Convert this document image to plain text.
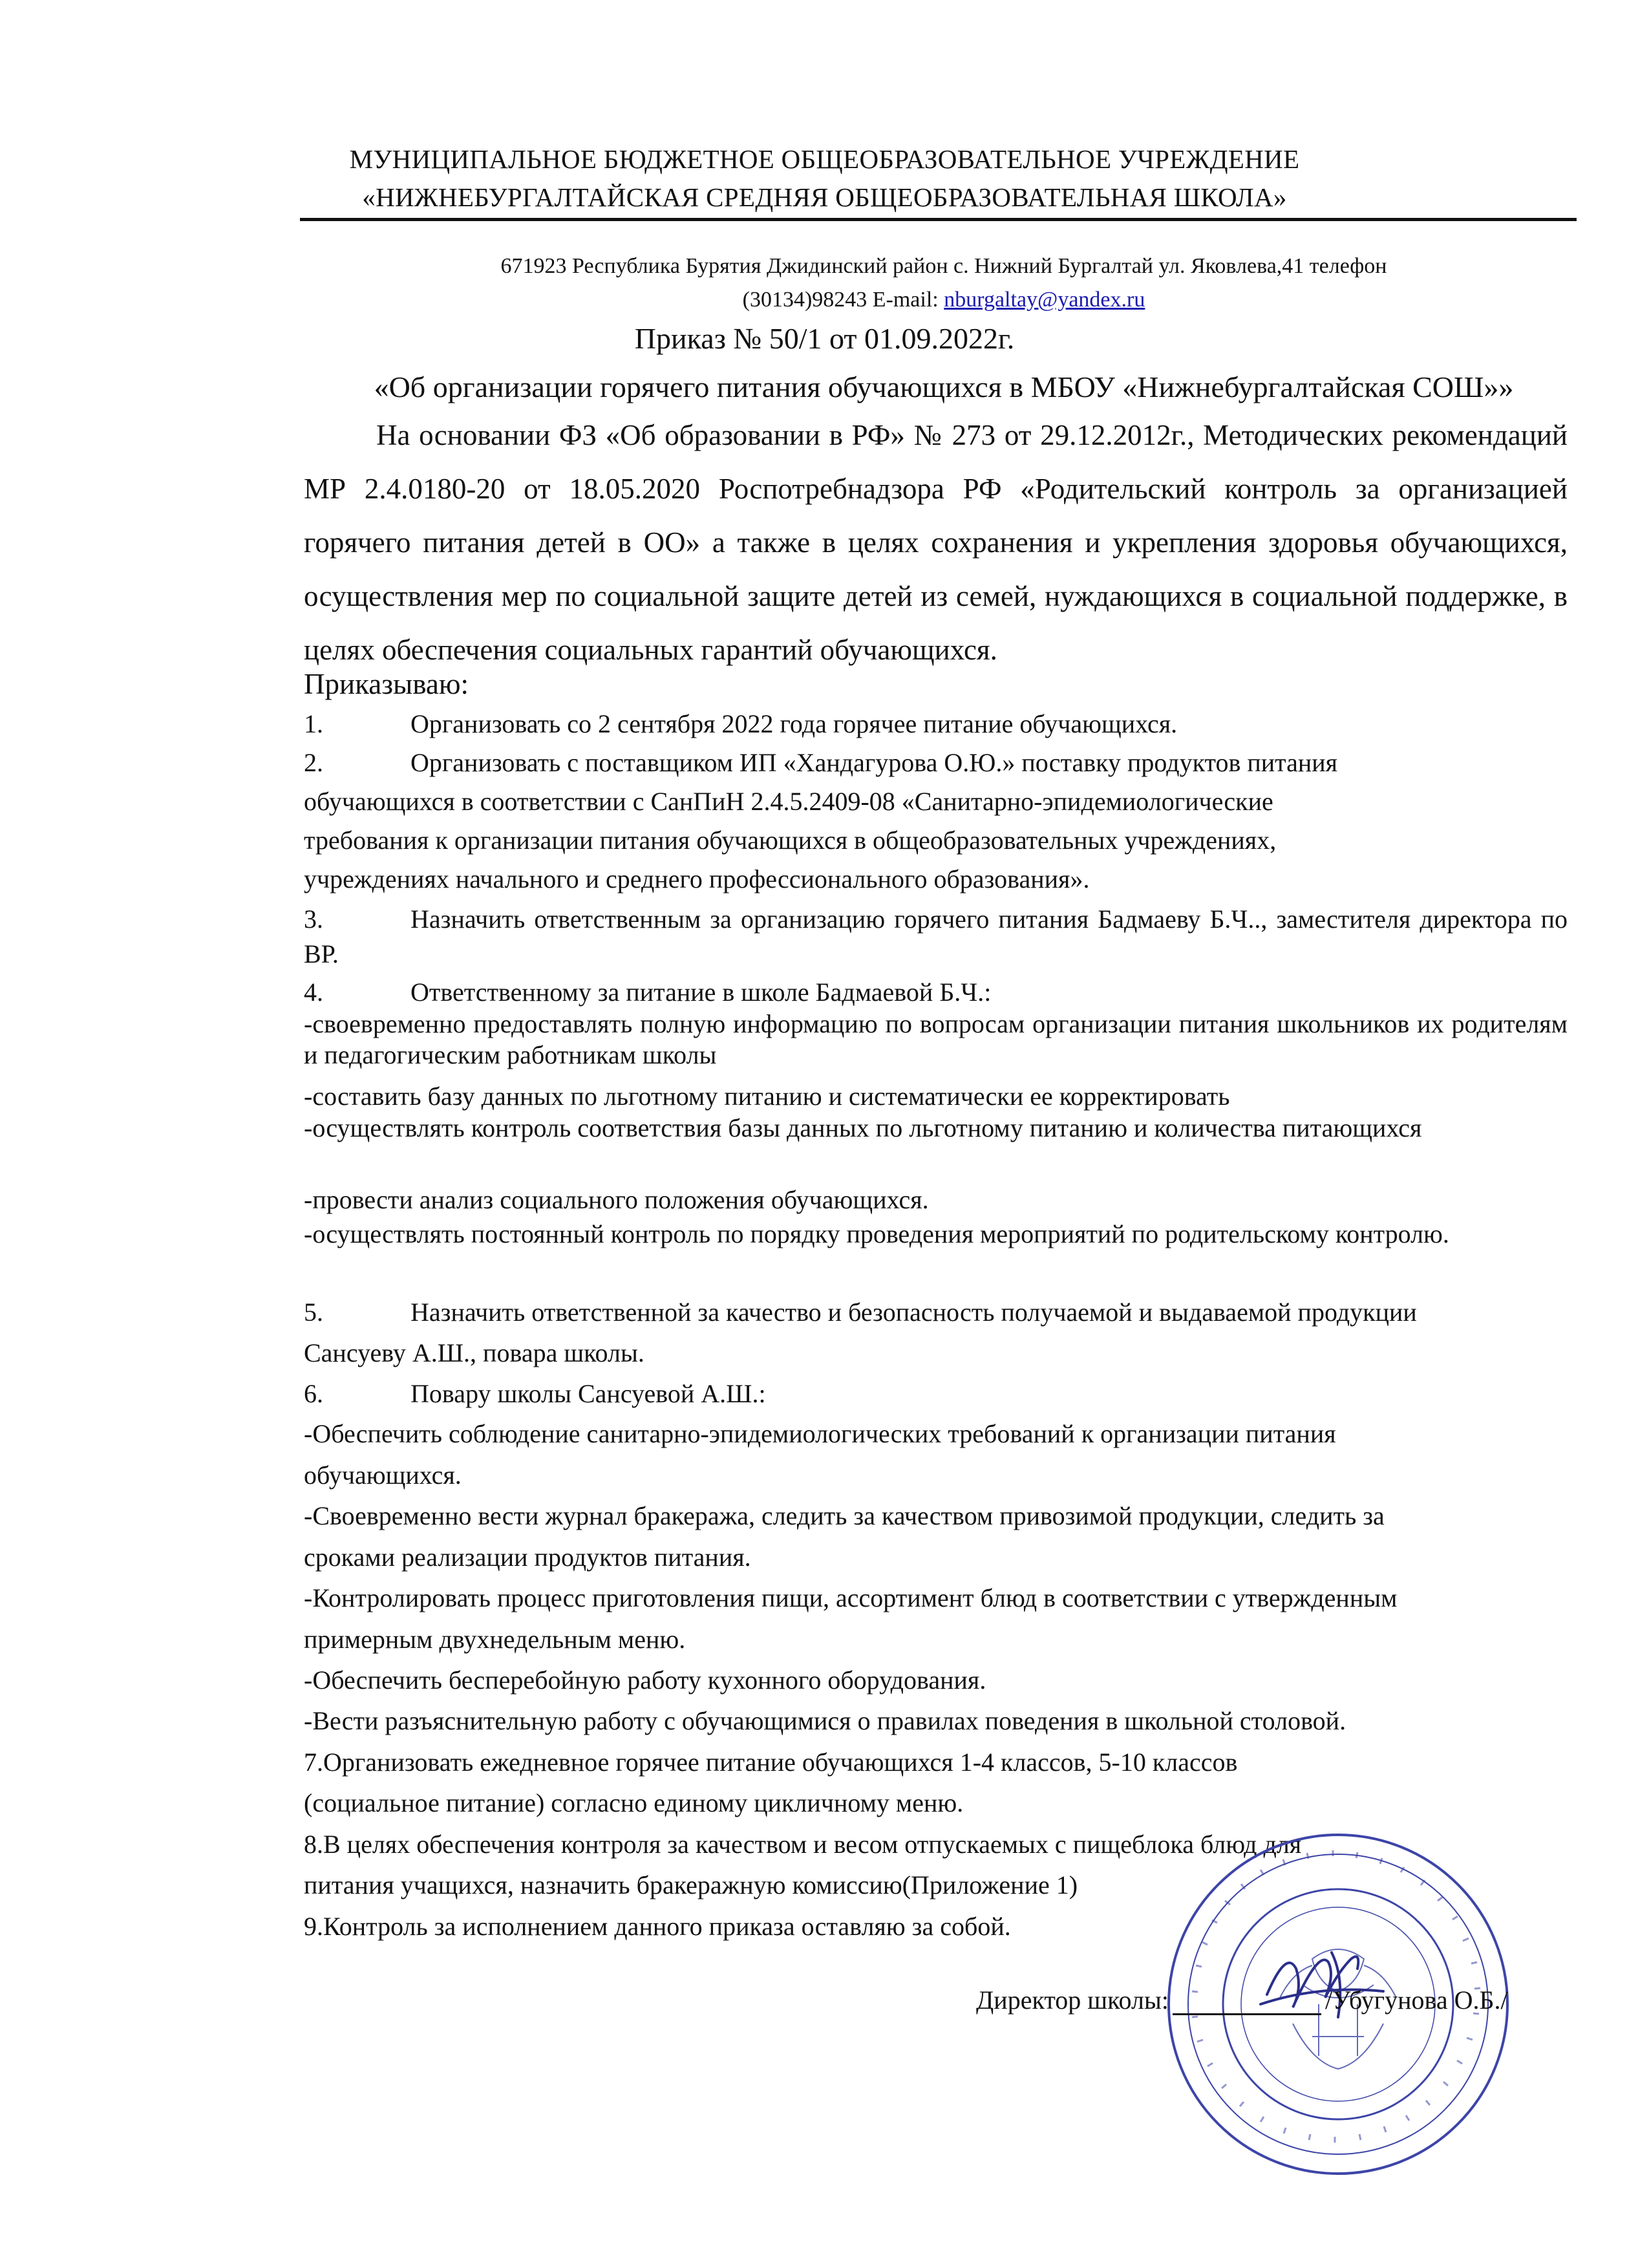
МУНИЦИПАЛЬНОЕ БЮДЖЕТНОЕ ОБЩЕОБРАЗОВАТЕЛЬНОЕ УЧРЕЖДЕНИЕ
«НИЖНЕБУРГАЛТАЙСКАЯ СРЕДНЯЯ ОБЩЕОБРАЗОВАТЕЛЬНАЯ ШКОЛА»
671923 Республика Бурятия Джидинский район с. Нижний Бургалтай ул. Яковлева,41 телефон
(30134)98243 E-mail: nburgaltay@yandex.ru
Приказ № 50/1 от 01.09.2022г.
«Об организации горячего питания обучающихся в МБОУ «Нижнебургалтайская СОШ»»
На основании ФЗ «Об образовании в РФ» № 273 от 29.12.2012г., Методических рекомендаций МР 2.4.0180-20 от 18.05.2020 Роспотребнадзора РФ «Родительский контроль за организацией горячего питания детей в ОО» а также в целях сохранения и укрепления здоровья обучающихся, осуществления мер по социальной защите детей из семей, нуждающихся в социальной поддержке, в целях обеспечения социальных гарантий обучающихся.
Приказываю:
1.	Организовать со 2 сентября 2022 года горячее питание обучающихся.
2.	Организовать с поставщиком ИП «Хандагурова О.Ю.» поставку продуктов питания
обучающихся в соответствии с СанПиН 2.4.5.2409-08 «Санитарно-эпидемиологические
требования к организации питания обучающихся в общеобразовательных учреждениях,
учреждениях начального и среднего профессионального образования».
3.	Назначить ответственным за организацию горячего питания Бадмаеву Б.Ч.., заместителя директора по ВР.
4.	Ответственному за питание в школе Бадмаевой Б.Ч.:
-своевременно предоставлять полную информацию по вопросам организации питания школьников их родителям и педагогическим работникам школы
-составить базу данных по льготному питанию и систематически ее корректировать
-осуществлять контроль соответствия базы данных по льготному питанию и количества питающихся
-провести анализ социального положения обучающихся.
-осуществлять постоянный контроль по порядку проведения мероприятий по родительскому контролю.
5.	Назначить ответственной за качество и безопасность получаемой и выдаваемой продукции
Сансуеву А.Ш., повара школы.
6.	Повару школы Сансуевой А.Ш.:
-Обеспечить соблюдение санитарно-эпидемиологических требований к организации питания
обучающихся.
-Своевременно вести журнал бракеража, следить за качеством привозимой продукции, следить за
сроками реализации продуктов питания.
-Контролировать процесс приготовления пищи, ассортимент блюд в соответствии с утвержденным
примерным двухнедельным меню.
-Обеспечить бесперебойную работу кухонного оборудования.
-Вести разъяснительную работу с обучающимися о правилах поведения в школьной столовой.
7.Организовать ежедневное горячее питание обучающихся 1-4 классов, 5-10 классов
(социальное питание) согласно единому цикличному меню.
8.В целях обеспечения контроля за качеством и весом отпускаемых с пищеблока блюд для
питания учащихся, назначить бракеражную комиссию(Приложение 1)
9.Контроль за исполнением данного приказа оставляю за собой.
Директор школы:	/Убугунова О.Б./
